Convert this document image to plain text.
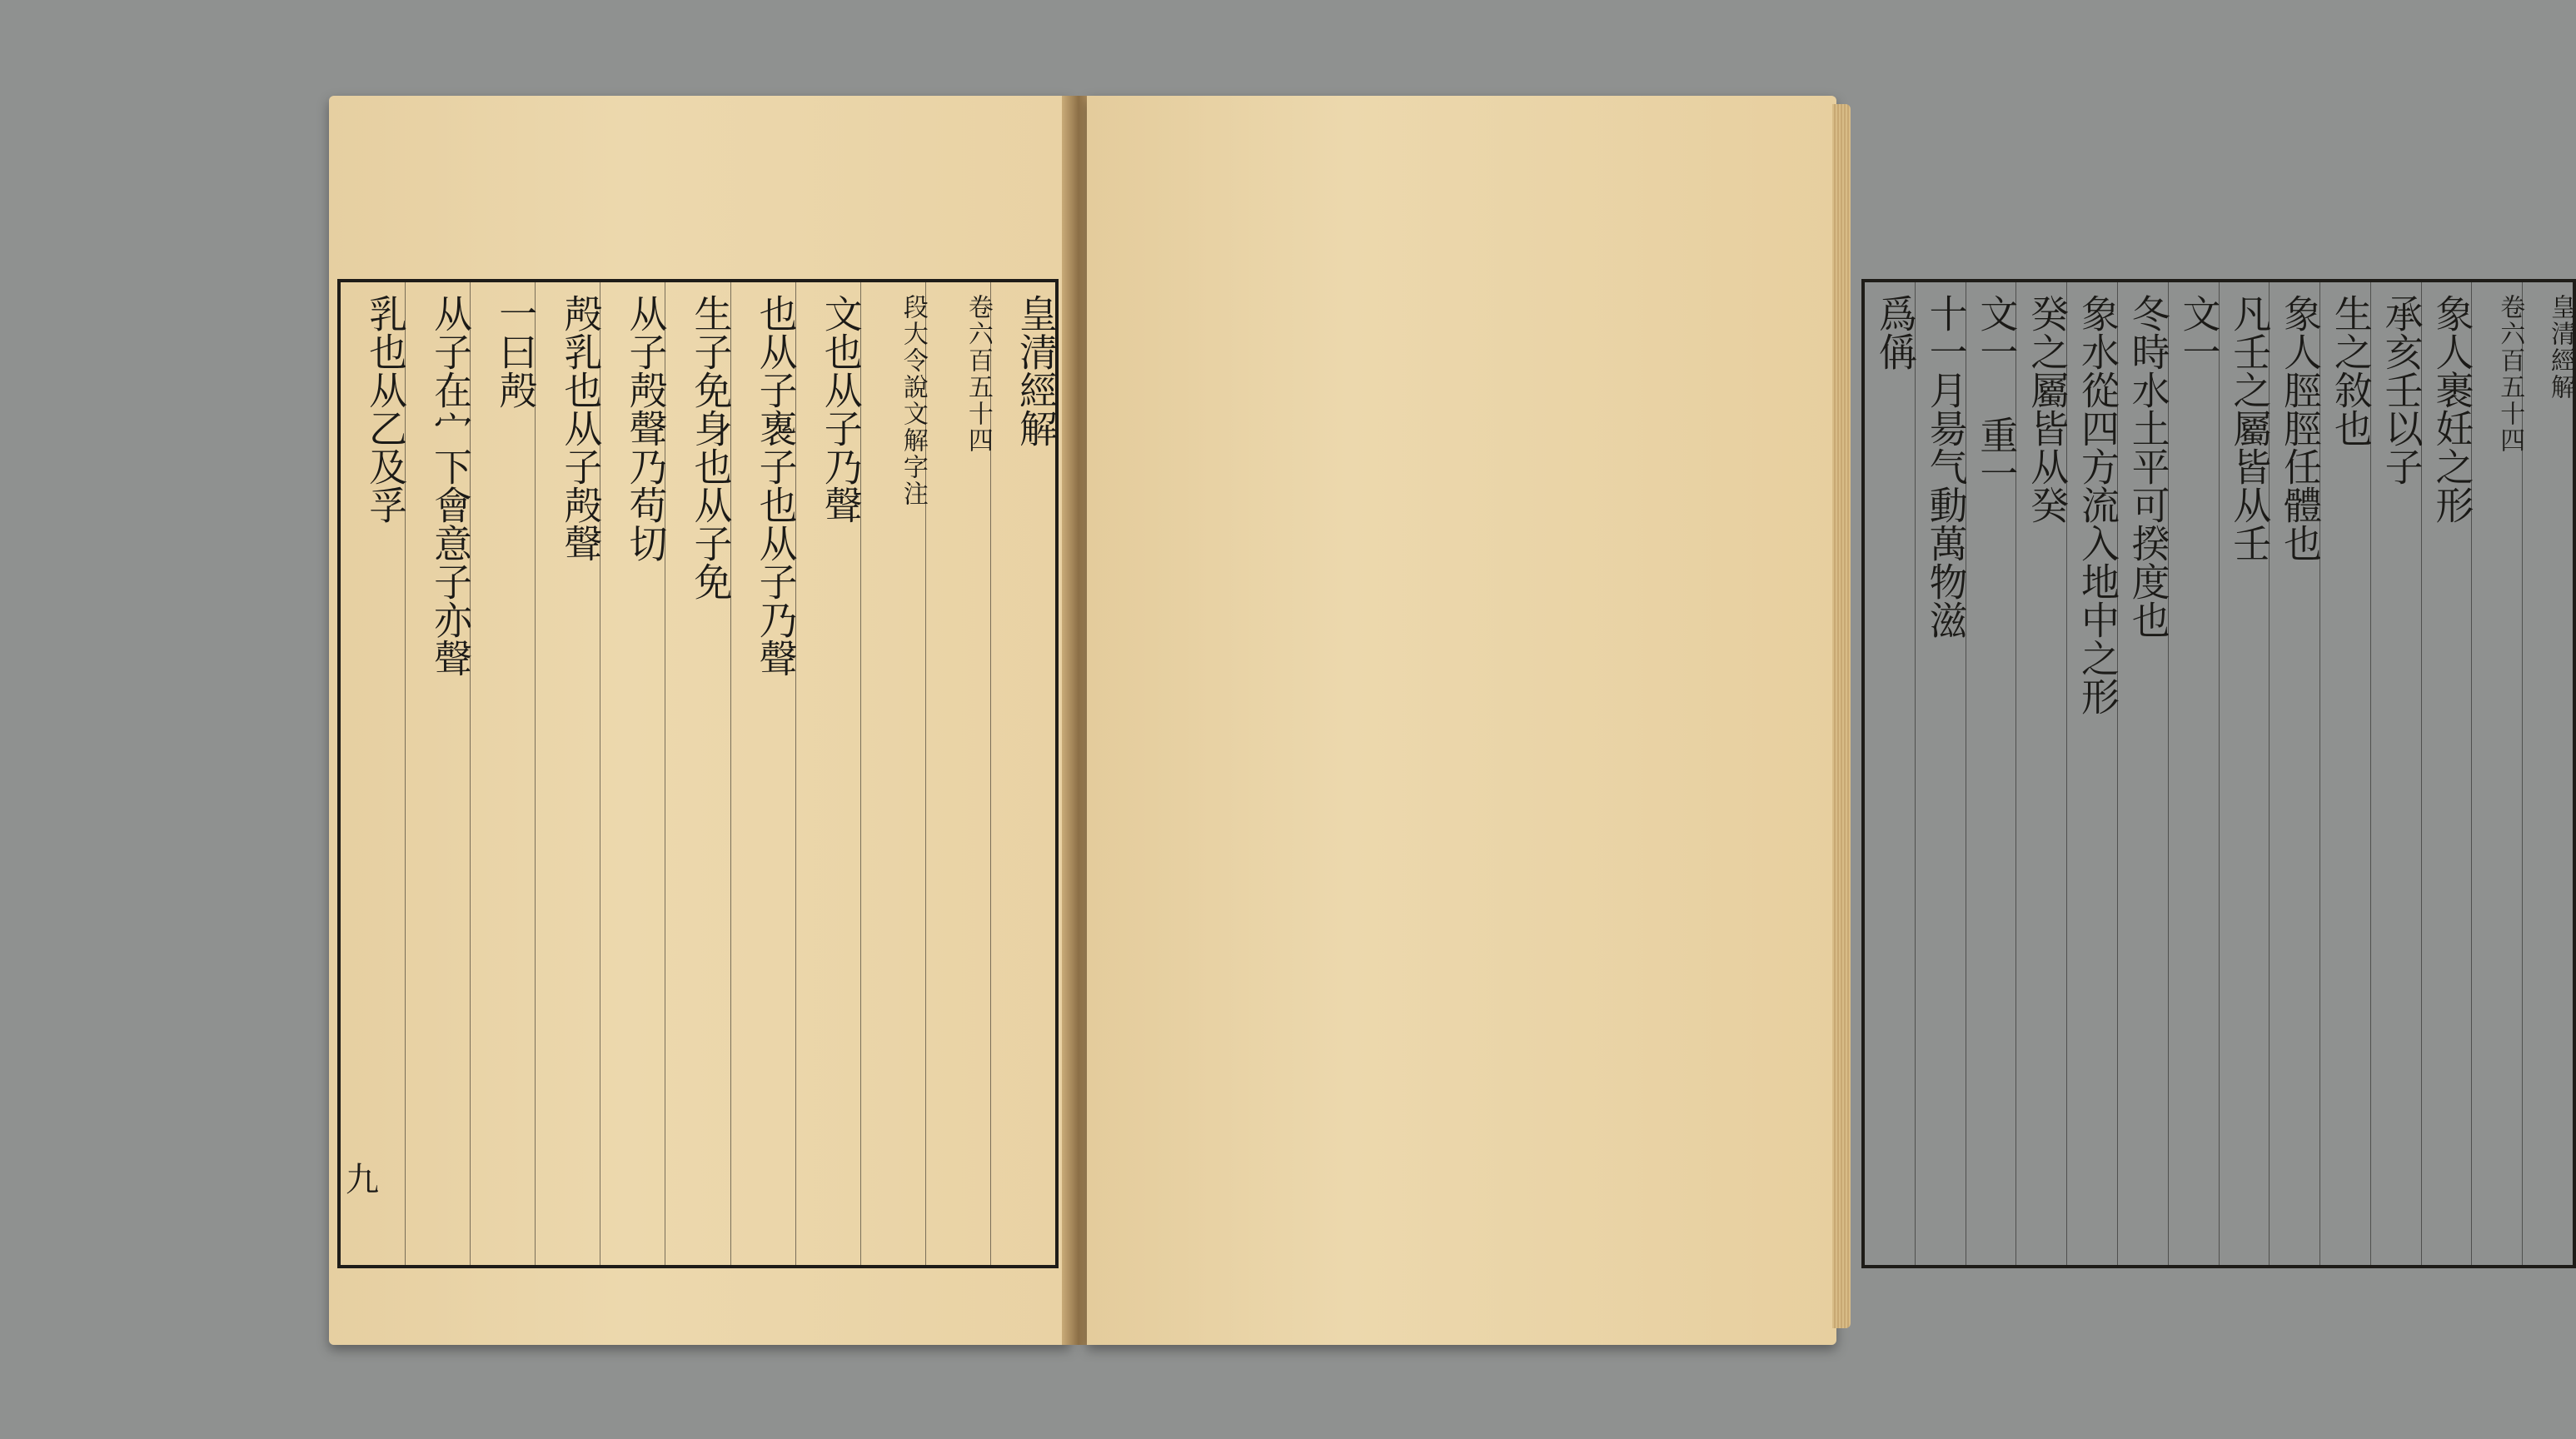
皇清經解
卷六百五十四
段大令說文解字注
文也从子乃聲
也从子褢子也从子乃聲
生子免身也从子免
从子殸聲乃苟切
殸乳也从子殸聲
一曰殸
从子在宀下會意子亦聲
乳也从乙及孚
九
皇清經解
卷六百五十四
象人裹妊之形
承亥壬以子
生之敘也
象人脛脛任體也
凡壬之屬皆从壬
文一
冬時水土平可揆度也
象水從四方流入地中之形
癸之屬皆从癸
文一 重一
十一月昜气動萬物滋
爲偁
